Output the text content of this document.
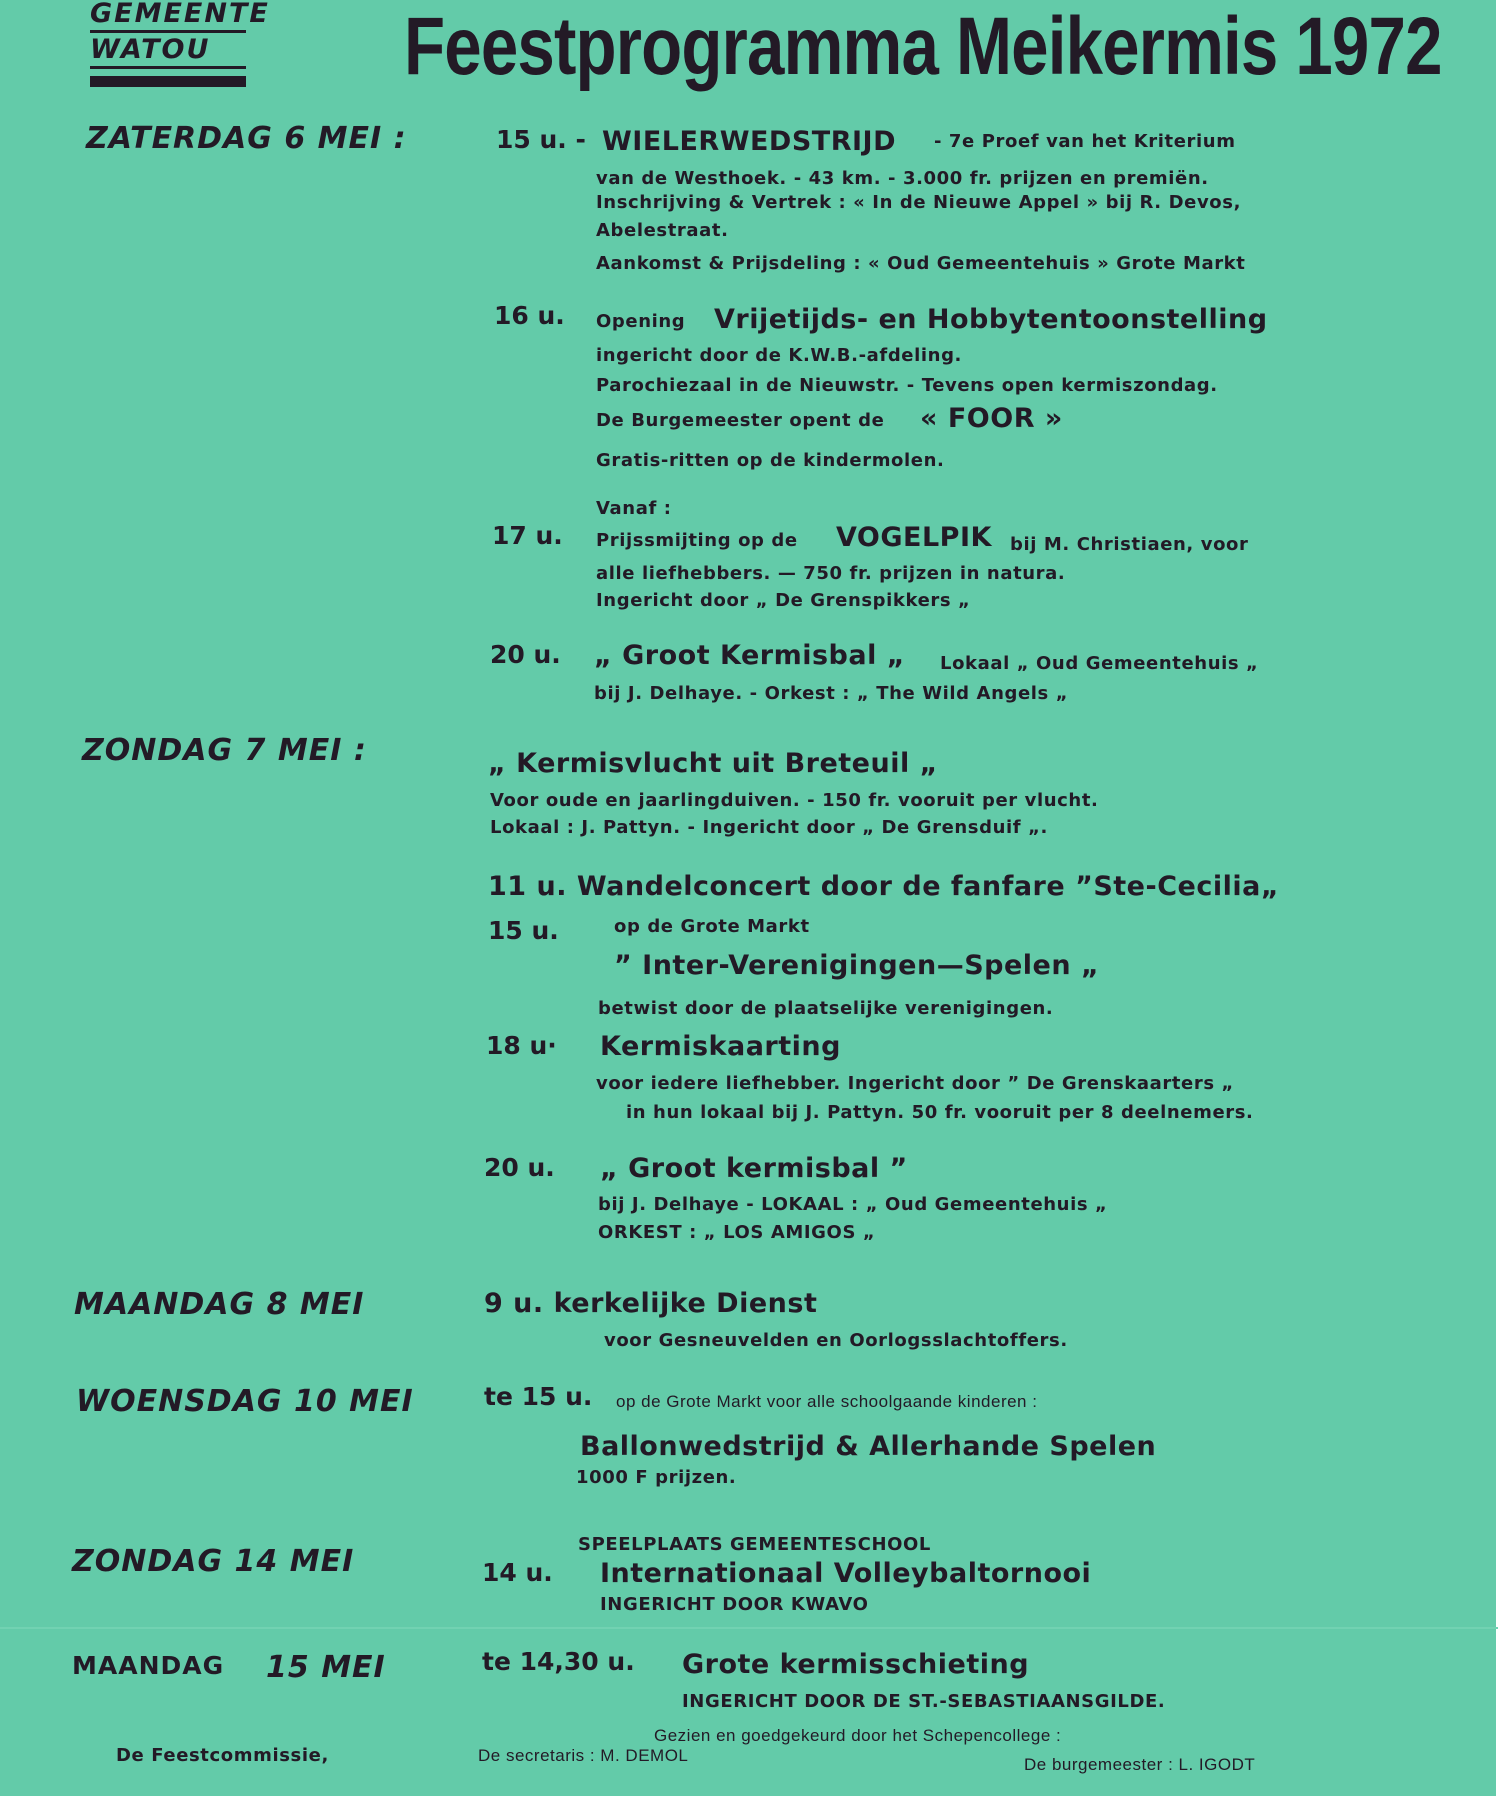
GEMEENTE
WATOU Feestprogramma Meikermis 1972
ZATERDAG 6 MEI :	15 u. - WIELERWEDSTRIJD - 7e Proef van het Kriterium
van de Westhoek. - 43 km. - 3.000 fr. prijzen en premiën.
Inschrijving & Vertrek : « In de Nieuwe Appel » bij R. Devos,
Abelestraat.
Aankomst & Prijsdeling : « Oud Gemeentehuis » Grote Markt
16 u. Opening Vrijetijds- en Hobbytentoonstelling
ingericht door de K.W.B.-afdeling.
Parochiezaal in de Nieuwstr. - Tevens open kermiszondag.
De Burgemeester opent de « FOOR »
Gratis-ritten op de kindermolen.
Vanaf :
17 u. Prijssmijting op de VOGELPIK bij M. Christiaen, voor
alle liefhebbers. — 750 fr. prijzen in natura.
Ingericht door „ De Grenspikkers „
20 u. „ Groot Kermisbal „ Lokaal „ Oud Gemeentehuis „
bij J. Delhaye. - Orkest : „ The Wild Angels „
ZONDAG 7 MEI :	„ Kermisvlucht uit Breteuil „
Voor oude en jaarlingduiven. - 150 fr. vooruit per vlucht.
Lokaal : J. Pattyn. - Ingericht door „ De Grensduif „.
11 u. Wandelconcert door de fanfare ”Ste-Cecilia„
15 u.	op de Grote Markt
” Inter-Verenigingen—Spelen „
betwist door de plaatselijke verenigingen.
18 u· Kermiskaarting
voor iedere liefhebber. Ingericht door ” De Grenskaarters „
in hun lokaal bij J. Pattyn. 50 fr. vooruit per 8 deelnemers.
20 u. „ Groot kermisbal ”
bij J. Delhaye - LOKAAL : „ Oud Gemeentehuis „
ORKEST : „ LOS AMIGOS „
MAANDAG 8 MEI	9 u. kerkelijke Dienst
voor Gesneuvelden en Oorlogsslachtoffers.
WOENSDAG 10 MEI	te 15 u. op de Grote Markt voor alle schoolgaande kinderen :
Ballonwedstrijd & Allerhande Spelen
1000 F prijzen.
SPEELPLAATS GEMEENTESCHOOL
ZONDAG 14 MEI	14 u. Internationaal Volleybaltornooi
INGERICHT DOOR KWAVO
MAANDAG 15 MEI	te 14,30 u. Grote kermisschieting
INGERICHT DOOR DE ST.-SEBASTIAANSGILDE.
Gezien en goedgekeurd door het Schepencollege :
De Feestcommissie,	De secretaris : M. DEMOL	De burgemeester : L. IGODT
